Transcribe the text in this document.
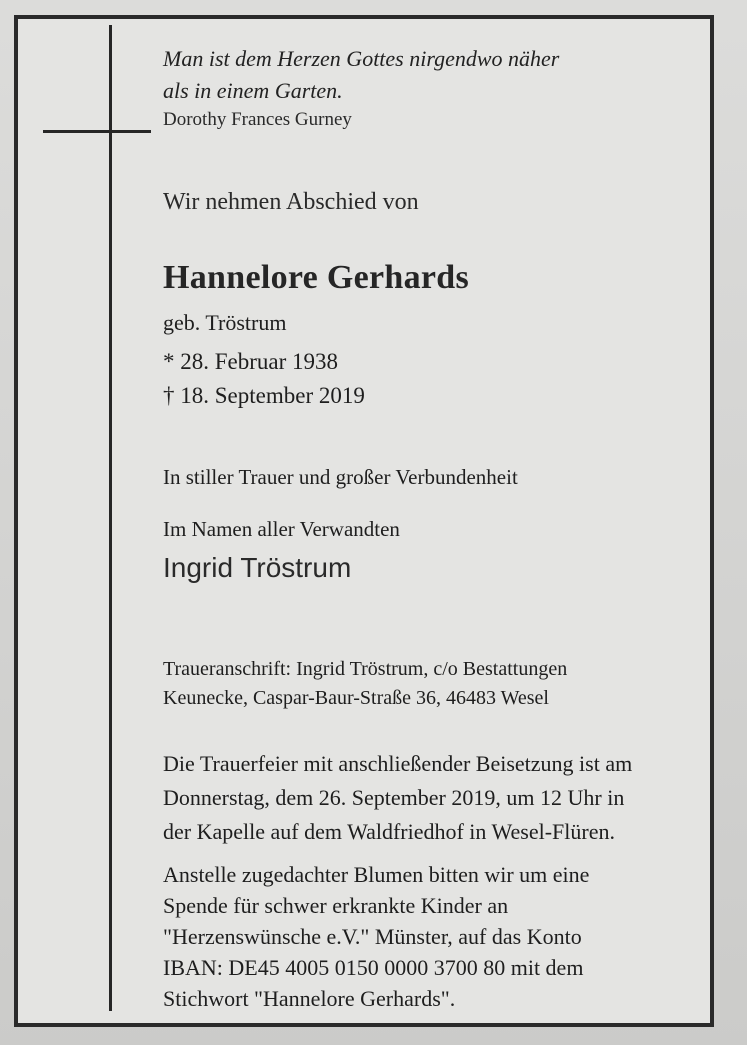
Man ist dem Herzen Gottes nirgendwo näher
als in einem Garten.
Dorothy Frances Gurney
Wir nehmen Abschied von
Hannelore Gerhards
geb. Tröstrum
* 28. Februar 1938
† 18. September 2019
In stiller Trauer und großer Verbundenheit
Im Namen aller Verwandten
Ingrid Tröstrum
Traueranschrift: Ingrid Tröstrum, c/o Bestattungen
Keunecke, Caspar-Baur-Straße 36, 46483 Wesel
Die Trauerfeier mit anschließender Beisetzung ist am
Donnerstag, dem 26. September 2019, um 12 Uhr in
der Kapelle auf dem Waldfriedhof in Wesel-Flüren.
Anstelle zugedachter Blumen bitten wir um eine
Spende für schwer erkrankte Kinder an
"Herzenswünsche e.V." Münster, auf das Konto
IBAN: DE45 4005 0150 0000 3700 80 mit dem
Stichwort "Hannelore Gerhards".
